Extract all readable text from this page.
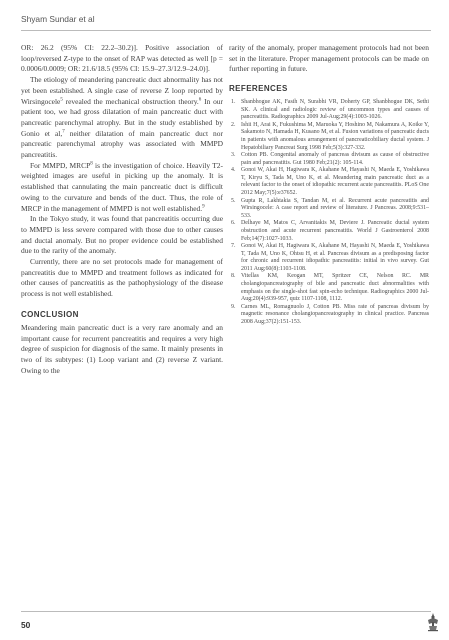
Shyam Sundar et al

OR: 26.2 (95% CI: 22.2–30.2)]. Positive association of loop/reversed Z-type to the onset of RAP was detected as well [p = 0.0006/0.0009; OR: 21.6/18.5 (95% CI: 15.9–27.3/12.9–24.0)].

The etiology of meandering pancreatic duct abnormality has not yet been established. A single case of reverse Z loop reported by Wirsingocele$^5$ revealed the mechanical obstruction theory.$^6$ In our patient too, we had gross dilatation of main pancreatic duct with pancreatic parenchymal atrophy. But in the study established by Gonio et al,$^7$ neither dilatation of main pancreatic duct nor pancreatic parenchymal atrophy was associated with MMPD pancreatitis.

For MMPD, MRCP$^8$ is the investigation of choice. Heavily T2-weighted images are useful in picking up the anomaly. It is established that cannulating the main pancreatic duct is difficult owing to the curvature and bends of the duct. Thus, the role of MRCP in the management of MMPD is not well established.$^9$

In the Tokyo study, it was found that pancreatitis occurring due to MMPD is less severe compared with those due to other causes and ductal anomaly. But no proper evidence could be established due to the rarity of the anomaly.

Currently, there are no set protocols made for management of pancreatitis due to MMPD and treatment follows as indicated for other causes of pancreatitis as the pathophysiology of the disease process is not well established.

CONCLUSION

Meandering main pancreatic duct is a very rare anomaly and an important cause for recurrent pancreatitis and requires a very high degree of suspicion for diagnosis of the same. It mainly presents in two of its subtypes: (1) Loop variant and (2) reverse Z variant. Owing to the

rarity of the anomaly, proper management protocols had not been set in the literature. Proper management protocols can be made on further reporting in future.

REFERENCES
1. Shanbhogue AK, Fasih N, Surabhi VR, Doherty GP, Shanbhogue DK, Sethi SK. A clinical and radiologic review of uncommon types and causes of pancreatitis. Radiographics 2009 Jul-Aug;29(4):1003-1026.
2. Ishii H, Arai K, Fukushima M, Maruoka Y, Hoshino M, Nakamura A, Koike Y, Sakamoto N, Hamada H, Kusano M, et al. Fusion variations of pancreatic ducts in patients with anomalous arrangement of pancreaticobiliary ductal system. J Hepatobiliary Pancreat Surg 1998 Feb;5(3):327-332.
3. Cotton PB. Congenital anomaly of pancreas divisum as cause of obstructive pain and pancreatitis. Gut 1980 Feb;21(2): 105-114.
4. Gonoi W, Akai H, Hagiwara K, Akahane M, Hayashi N, Maeda E, Yoshikawa T, Kiryu S, Tada M, Uno K, et al. Meandering main pancreatic duct as a relevant factor to the onset of idiopathic recurrent acute pancreatitis. PLoS One 2012 May;7(5):e37652.
5. Gupta R, Lakhtakia S, Tandan M, et al. Recurrent acute pancreatitis and Wirsingocele: A case report and review of literature. J Pancreas. 2008;9:531–533.
6. Delhaye M, Matos C, Arvanitakis M, Deviere J. Pancreatic ductal system obstruction and acute recurrent pancreatitis. World J Gastroenterol 2008 Feb;14(7):1027-1033.
7. Gonoi W, Akai H, Hagiwara K, Akahane M, Hayashi N, Maeda E, Yoshikawa T, Tada M, Uno K, Ohtsu H, et al. Pancreas divisum as a predisposing factor for chronic and recurrent idiopathic pancreatitis: initial in vivo survey. Gut 2011 Aug;60(8):1103-1108.
8. Vitellas KM, Keogan MT, Spritzer CE, Nelson RC. MR cholangiopancreatography of bile and pancreatic duct abnormalities with emphasis on the single-shot fast spin-echo technique. Radiographics 2000 Jul-Aug;20(4):939-957, quiz 1107-1108, 1112.
9. Carnes ML, Romagnuolo J, Cotton PB. Miss rate of pancreas divisum by magnetic resonance cholangiopancreatography in clinical practice. Pancreas 2008 Aug;37(2):151-153.
50
